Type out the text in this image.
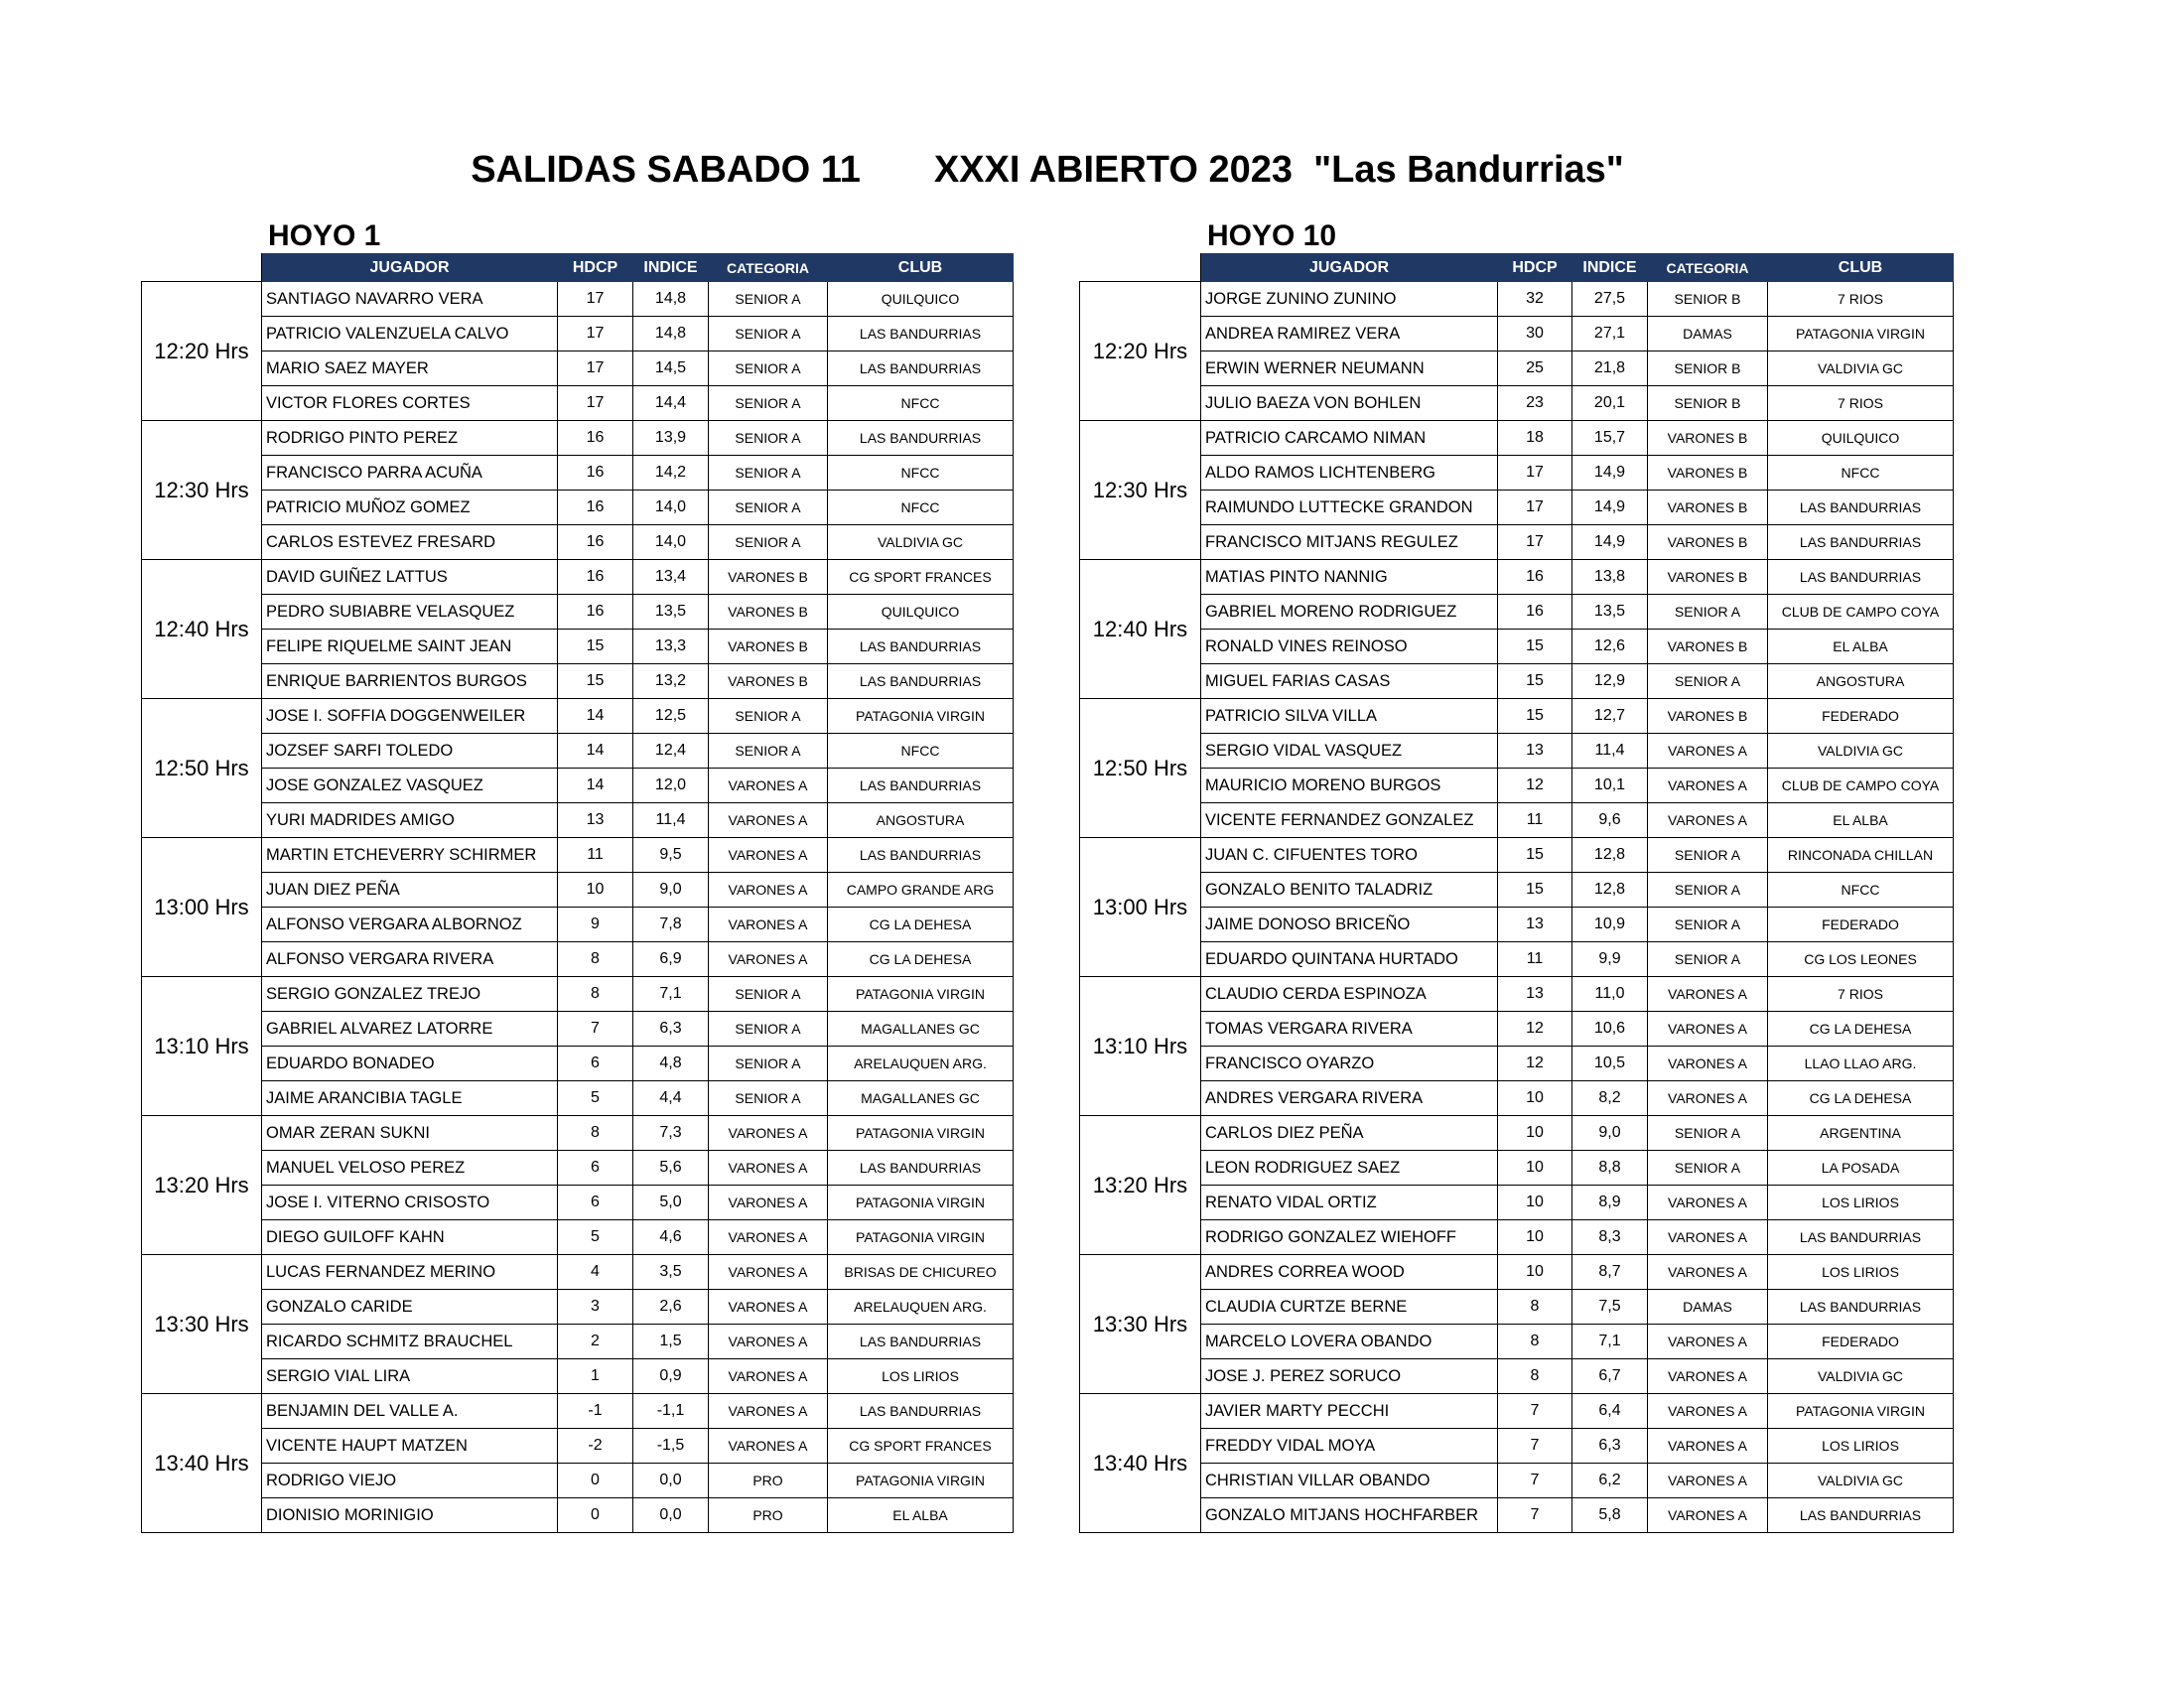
SALIDAS SABADO 11       XXXI ABIERTO 2023  "Las Bandurrias"
HOYO 1
	JUGADOR	HDCP	INDICE	CATEGORIA	CLUB
12:20 Hrs	SANTIAGO NAVARRO VERA	17	14,8	SENIOR A	QUILQUICO
	PATRICIO VALENZUELA CALVO	17	14,8	SENIOR A	LAS BANDURRIAS
	MARIO SAEZ MAYER	17	14,5	SENIOR A	LAS BANDURRIAS
	VICTOR FLORES CORTES	17	14,4	SENIOR A	NFCC
12:30 Hrs	RODRIGO PINTO PEREZ	16	13,9	SENIOR A	LAS BANDURRIAS
	FRANCISCO PARRA ACUÑA	16	14,2	SENIOR A	NFCC
	PATRICIO MUÑOZ GOMEZ	16	14,0	SENIOR A	NFCC
	CARLOS ESTEVEZ FRESARD	16	14,0	SENIOR A	VALDIVIA GC
12:40 Hrs	DAVID GUIÑEZ LATTUS	16	13,4	VARONES B	CG SPORT FRANCES
	PEDRO SUBIABRE VELASQUEZ	16	13,5	VARONES B	QUILQUICO
	FELIPE RIQUELME SAINT JEAN	15	13,3	VARONES B	LAS BANDURRIAS
	ENRIQUE BARRIENTOS BURGOS	15	13,2	VARONES B	LAS BANDURRIAS
12:50 Hrs	JOSE I. SOFFIA DOGGENWEILER	14	12,5	SENIOR A	PATAGONIA VIRGIN
	JOZSEF SARFI TOLEDO	14	12,4	SENIOR A	NFCC
	JOSE GONZALEZ VASQUEZ	14	12,0	VARONES A	LAS BANDURRIAS
	YURI MADRIDES AMIGO	13	11,4	VARONES A	ANGOSTURA
13:00 Hrs	MARTIN ETCHEVERRY SCHIRMER	11	9,5	VARONES A	LAS BANDURRIAS
	JUAN DIEZ PEÑA	10	9,0	VARONES A	CAMPO GRANDE ARG
	ALFONSO VERGARA ALBORNOZ	9	7,8	VARONES A	CG LA DEHESA
	ALFONSO VERGARA RIVERA	8	6,9	VARONES A	CG LA DEHESA
13:10 Hrs	SERGIO GONZALEZ TREJO	8	7,1	SENIOR A	PATAGONIA VIRGIN
	GABRIEL ALVAREZ LATORRE	7	6,3	SENIOR A	MAGALLANES GC
	EDUARDO BONADEO	6	4,8	SENIOR A	ARELAUQUEN ARG.
	JAIME ARANCIBIA TAGLE	5	4,4	SENIOR A	MAGALLANES GC
13:20 Hrs	OMAR ZERAN SUKNI	8	7,3	VARONES A	PATAGONIA VIRGIN
	MANUEL VELOSO PEREZ	6	5,6	VARONES A	LAS BANDURRIAS
	JOSE I. VITERNO CRISOSTO	6	5,0	VARONES A	PATAGONIA VIRGIN
	DIEGO GUILOFF KAHN	5	4,6	VARONES A	PATAGONIA VIRGIN
13:30 Hrs	LUCAS FERNANDEZ MERINO	4	3,5	VARONES A	BRISAS DE CHICUREO
	GONZALO CARIDE	3	2,6	VARONES A	ARELAUQUEN ARG.
	RICARDO SCHMITZ BRAUCHEL	2	1,5	VARONES A	LAS BANDURRIAS
	SERGIO VIAL LIRA	1	0,9	VARONES A	LOS LIRIOS
13:40 Hrs	BENJAMIN DEL VALLE A.	-1	-1,1	VARONES A	LAS BANDURRIAS
	VICENTE HAUPT MATZEN	-2	-1,5	VARONES A	CG SPORT FRANCES
	RODRIGO VIEJO	0	0,0	PRO	PATAGONIA VIRGIN
	DIONISIO MORINIGIO	0	0,0	PRO	EL ALBA
HOYO 10
	JUGADOR	HDCP	INDICE	CATEGORIA	CLUB
12:20 Hrs	JORGE ZUNINO ZUNINO	32	27,5	SENIOR B	7 RIOS
	ANDREA RAMIREZ VERA	30	27,1	DAMAS	PATAGONIA VIRGIN
	ERWIN WERNER NEUMANN	25	21,8	SENIOR B	VALDIVIA GC
	JULIO BAEZA VON BOHLEN	23	20,1	SENIOR B	7 RIOS
12:30 Hrs	PATRICIO CARCAMO NIMAN	18	15,7	VARONES B	QUILQUICO
	ALDO RAMOS LICHTENBERG	17	14,9	VARONES B	NFCC
	RAIMUNDO LUTTECKE GRANDON	17	14,9	VARONES B	LAS BANDURRIAS
	FRANCISCO MITJANS REGULEZ	17	14,9	VARONES B	LAS BANDURRIAS
12:40 Hrs	MATIAS PINTO NANNIG	16	13,8	VARONES B	LAS BANDURRIAS
	GABRIEL MORENO RODRIGUEZ	16	13,5	SENIOR A	CLUB DE CAMPO COYA
	RONALD VINES REINOSO	15	12,6	VARONES B	EL ALBA
	MIGUEL FARIAS CASAS	15	12,9	SENIOR A	ANGOSTURA
12:50 Hrs	PATRICIO SILVA VILLA	15	12,7	VARONES B	FEDERADO
	SERGIO VIDAL VASQUEZ	13	11,4	VARONES A	VALDIVIA GC
	MAURICIO MORENO BURGOS	12	10,1	VARONES A	CLUB DE CAMPO COYA
	VICENTE FERNANDEZ GONZALEZ	11	9,6	VARONES A	EL ALBA
13:00 Hrs	JUAN C. CIFUENTES TORO	15	12,8	SENIOR A	RINCONADA CHILLAN
	GONZALO BENITO TALADRIZ	15	12,8	SENIOR A	NFCC
	JAIME DONOSO BRICEÑO	13	10,9	SENIOR A	FEDERADO
	EDUARDO QUINTANA HURTADO	11	9,9	SENIOR A	CG LOS LEONES
13:10 Hrs	CLAUDIO CERDA ESPINOZA	13	11,0	VARONES A	7 RIOS
	TOMAS VERGARA RIVERA	12	10,6	VARONES A	CG LA DEHESA
	FRANCISCO OYARZO	12	10,5	VARONES A	LLAO LLAO ARG.
	ANDRES VERGARA RIVERA	10	8,2	VARONES A	CG LA DEHESA
13:20 Hrs	CARLOS DIEZ PEÑA	10	9,0	SENIOR A	ARGENTINA
	LEON RODRIGUEZ SAEZ	10	8,8	SENIOR A	LA POSADA
	RENATO VIDAL ORTIZ	10	8,9	VARONES A	LOS LIRIOS
	RODRIGO GONZALEZ WIEHOFF	10	8,3	VARONES A	LAS BANDURRIAS
13:30 Hrs	ANDRES CORREA WOOD	10	8,7	VARONES A	LOS LIRIOS
	CLAUDIA CURTZE BERNE	8	7,5	DAMAS	LAS BANDURRIAS
	MARCELO LOVERA OBANDO	8	7,1	VARONES A	FEDERADO
	JOSE J. PEREZ SORUCO	8	6,7	VARONES A	VALDIVIA GC
13:40 Hrs	JAVIER MARTY PECCHI	7	6,4	VARONES A	PATAGONIA VIRGIN
	FREDDY VIDAL MOYA	7	6,3	VARONES A	LOS LIRIOS
	CHRISTIAN VILLAR OBANDO	7	6,2	VARONES A	VALDIVIA GC
	GONZALO MITJANS HOCHFARBER	7	5,8	VARONES A	LAS BANDURRIAS
